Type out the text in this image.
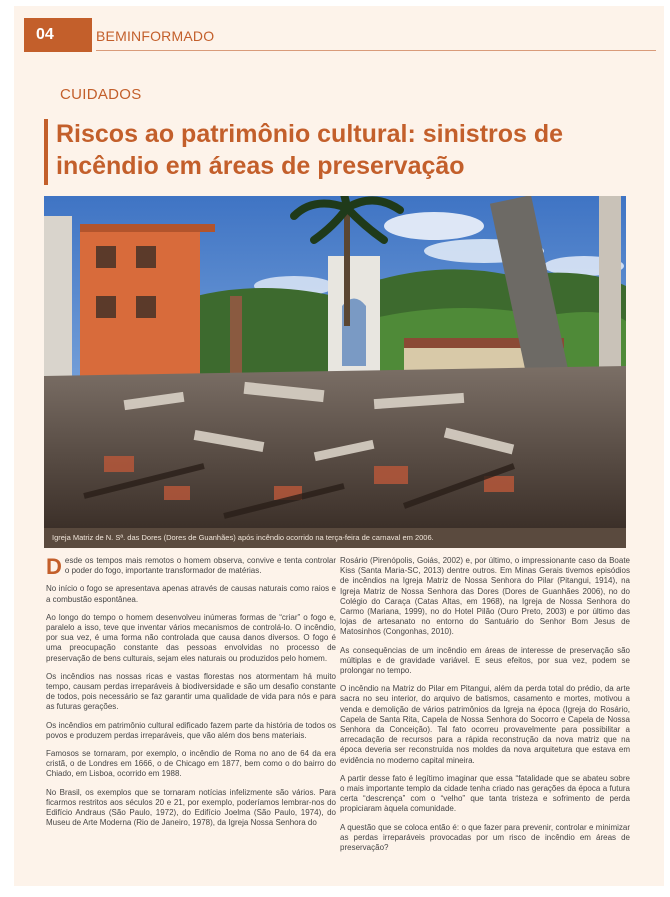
04	BEMINFORMADO
CUIDADOS
Riscos ao patrimônio cultural: sinistros de incêndio em áreas de preservação
Igreja Matriz de N. Sª. das Dores (Dores de Guanhães) após incêndio ocorrido na terça-feira de carnaval em 2006.

Desde os tempos mais remotos o homem observa, convive e tenta controlar o poder do fogo, importante transformador de matérias.

No início o fogo se apresentava apenas através de causas naturais como raios e a combustão espontânea.

Ao longo do tempo o homem desenvolveu inúmeras formas de “criar” o fogo e, paralelo a isso, teve que inventar vários mecanismos de controlá-lo. O incêndio, por sua vez, é uma forma não controlada que causa danos diversos. O fogo é uma preocupação constante das pessoas envolvidas no processo de preservação de bens culturais, sejam eles naturais ou produzidos pelo homem.

Os incêndios nas nossas ricas e vastas florestas nos atormentam há muito tempo, causam perdas irreparáveis à biodiversidade e são um desafio constante de todos, pois necessário se faz garantir uma qualidade de vida para nós e para as futuras gerações.

Os incêndios em patrimônio cultural edificado fazem parte da história de todos os povos e produzem perdas irreparáveis, que vão além dos bens materiais.

Famosos se tornaram, por exemplo, o incêndio de Roma no ano de 64 da era cristã, o de Londres em 1666, o de Chicago em 1877, bem como o do bairro do Chiado, em Lisboa, ocorrido em 1988.

No Brasil, os exemplos que se tornaram notícias infelizmente são vários. Para ficarmos restritos aos séculos 20 e 21, por exemplo, poderíamos lembrar-nos do Edifício Andraus (São Paulo, 1972), do Edifício Joelma (São Paulo, 1974), do Museu de Arte Moderna (Rio de Janeiro, 1978), da Igreja Nossa Senhora do

Rosário (Pirenópolis, Goiás, 2002) e, por último, o impressionante caso da Boate Kiss (Santa Maria-SC, 2013) dentre outros. Em Minas Gerais tivemos episódios de incêndios na Igreja Matriz de Nossa Senhora do Pilar (Pitangui, 1914), na Igreja Matriz de Nossa Senhora das Dores (Dores de Guanhães 2006), no do Colégio do Caraça (Catas Altas, em 1968), na Igreja de Nossa Senhora do Carmo (Mariana, 1999), no do Hotel Pilão (Ouro Preto, 2003) e por último das lojas de artesanato no entorno do Santuário do Senhor Bom Jesus de Matosinhos (Congonhas, 2010).

As consequências de um incêndio em áreas de interesse de preservação são múltiplas e de gravidade variável. E seus efeitos, por sua vez, podem se prolongar no tempo.

O incêndio na Matriz do Pilar em Pitangui, além da perda total do prédio, da arte sacra no seu interior, do arquivo de batismos, casamento e mortes, motivou a venda e demolição de vários patrimônios da Igreja na época (Igreja do Rosário, Capela de Santa Rita, Capela de Nossa Senhora do Socorro e Capela de Nossa Senhora da Conceição). Tal fato ocorreu provavelmente para possibilitar a arrecadação de recursos para a rápida reconstrução da nova matriz que na época deveria ser reconstruída nos moldes da nova arquitetura que estava em evidência no moderno capital mineira.

A partir desse fato é legítimo imaginar que essa “fatalidade que se abateu sobre o mais importante templo da cidade tenha criado nas gerações da época a futura certa “descrença” com o “velho” que tanta tristeza e sofrimento de perda propiciaram àquela comunidade.

A questão que se coloca então é: o que fazer para prevenir, controlar e minimizar as perdas irreparáveis provocadas por um risco de incêndio em áreas de preservação?
